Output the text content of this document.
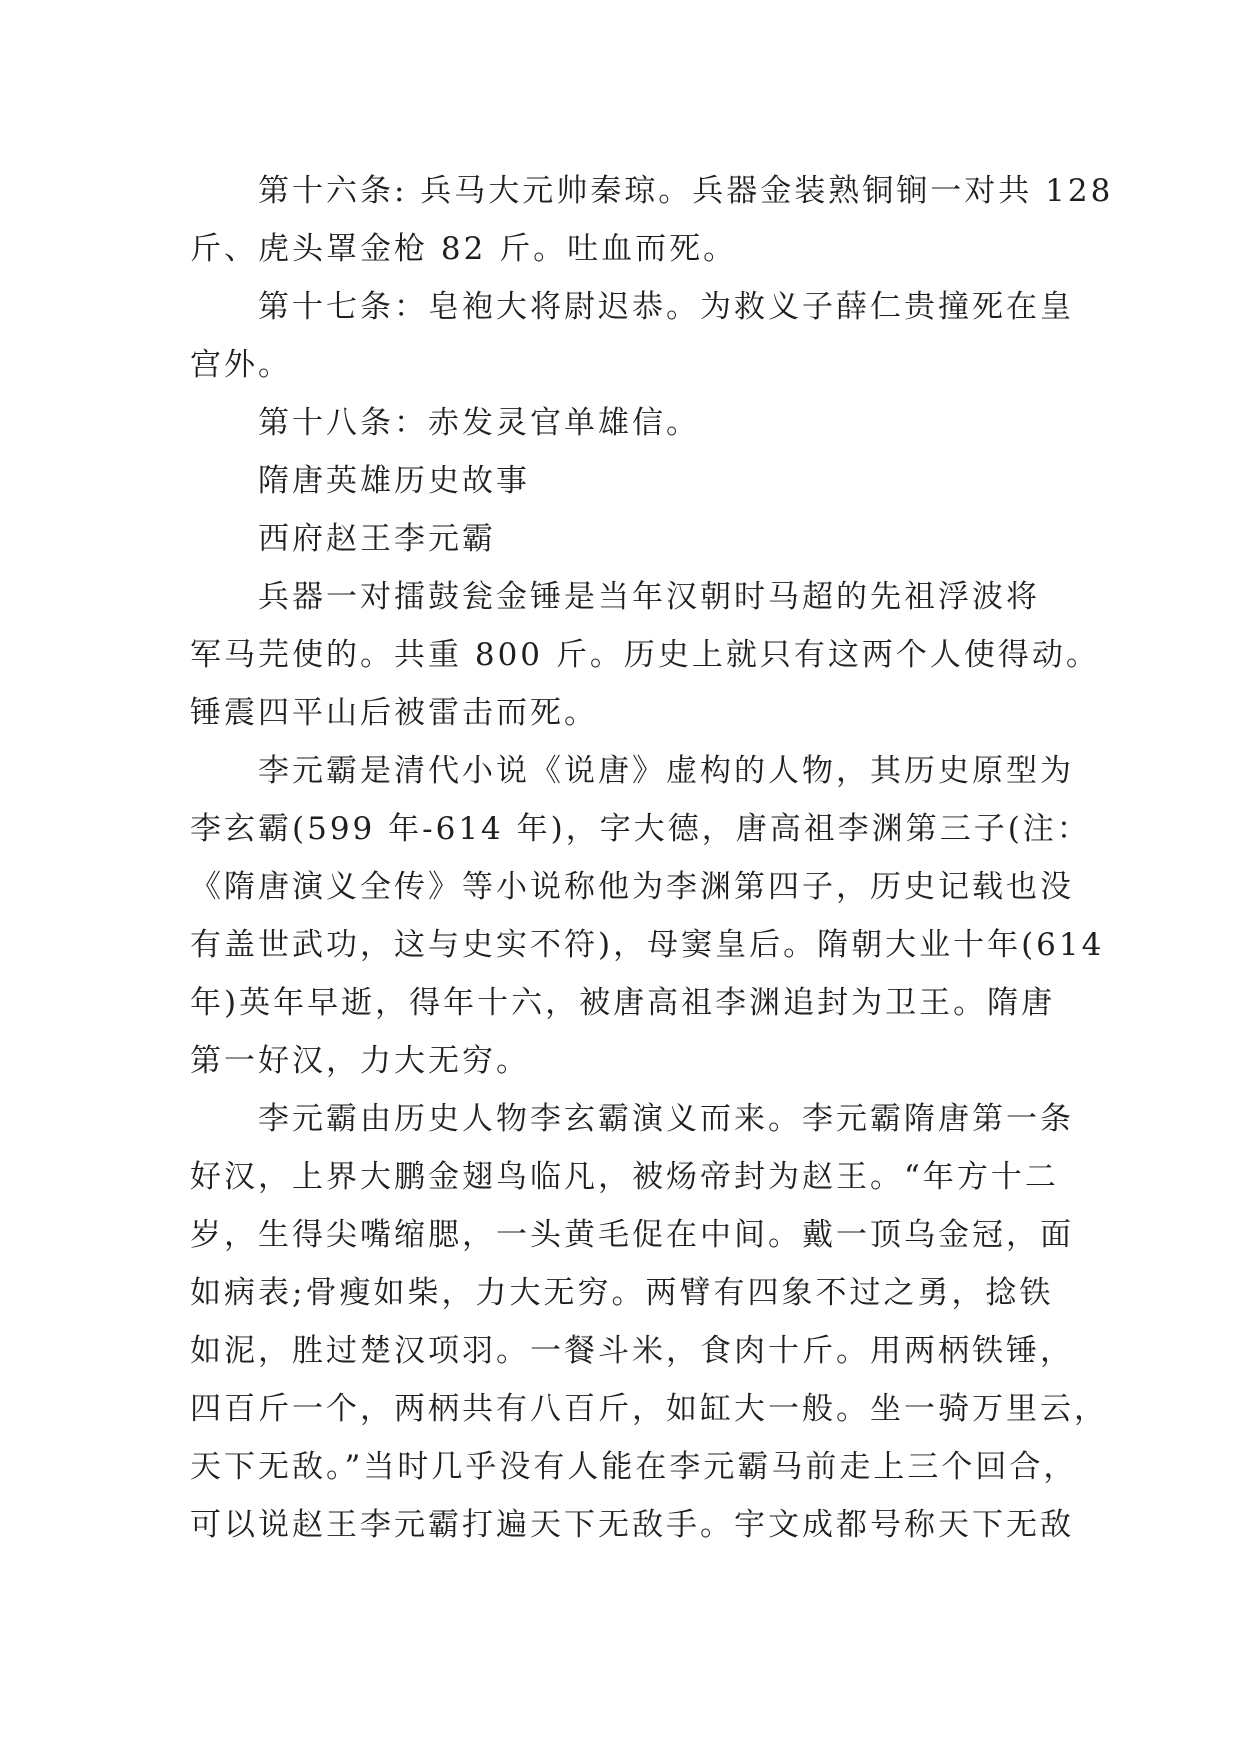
第十六条: 兵马大元帅秦琼。兵器金装熟铜锏一对共 128
斤、虎头罩金枪 82 斤。吐血而死。
第十七条：皂袍大将尉迟恭。为救义子薛仁贵撞死在皇
宫外。
第十八条：赤发灵官单雄信。
隋唐英雄历史故事
西府赵王李元霸
兵器一对擂鼓瓮金锤是当年汉朝时马超的先祖浮波将
军马芫使的。共重 800 斤。历史上就只有这两个人使得动。
锤震四平山后被雷击而死。
李元霸是清代小说《说唐》虚构的人物，其历史原型为
李玄霸(599 年-614 年)，字大德，唐高祖李渊第三子(注：
《隋唐演义全传》等小说称他为李渊第四子，历史记载也没
有盖世武功，这与史实不符)，母窦皇后。隋朝大业十年(614
年)英年早逝，得年十六，被唐高祖李渊追封为卫王。隋唐
第一好汉，力大无穷。
李元霸由历史人物李玄霸演义而来。李元霸隋唐第一条
好汉，上界大鹏金翅鸟临凡，被炀帝封为赵王。“年方十二
岁，生得尖嘴缩腮，一头黄毛促在中间。戴一顶乌金冠，面
如病表;骨瘦如柴，力大无穷。两臂有四象不过之勇，捻铁
如泥，胜过楚汉项羽。一餐斗米，食肉十斤。用两柄铁锤，
四百斤一个，两柄共有八百斤，如缸大一般。坐一骑万里云，
天下无敌。”当时几乎没有人能在李元霸马前走上三个回合，
可以说赵王李元霸打遍天下无敌手。宇文成都号称天下无敌
